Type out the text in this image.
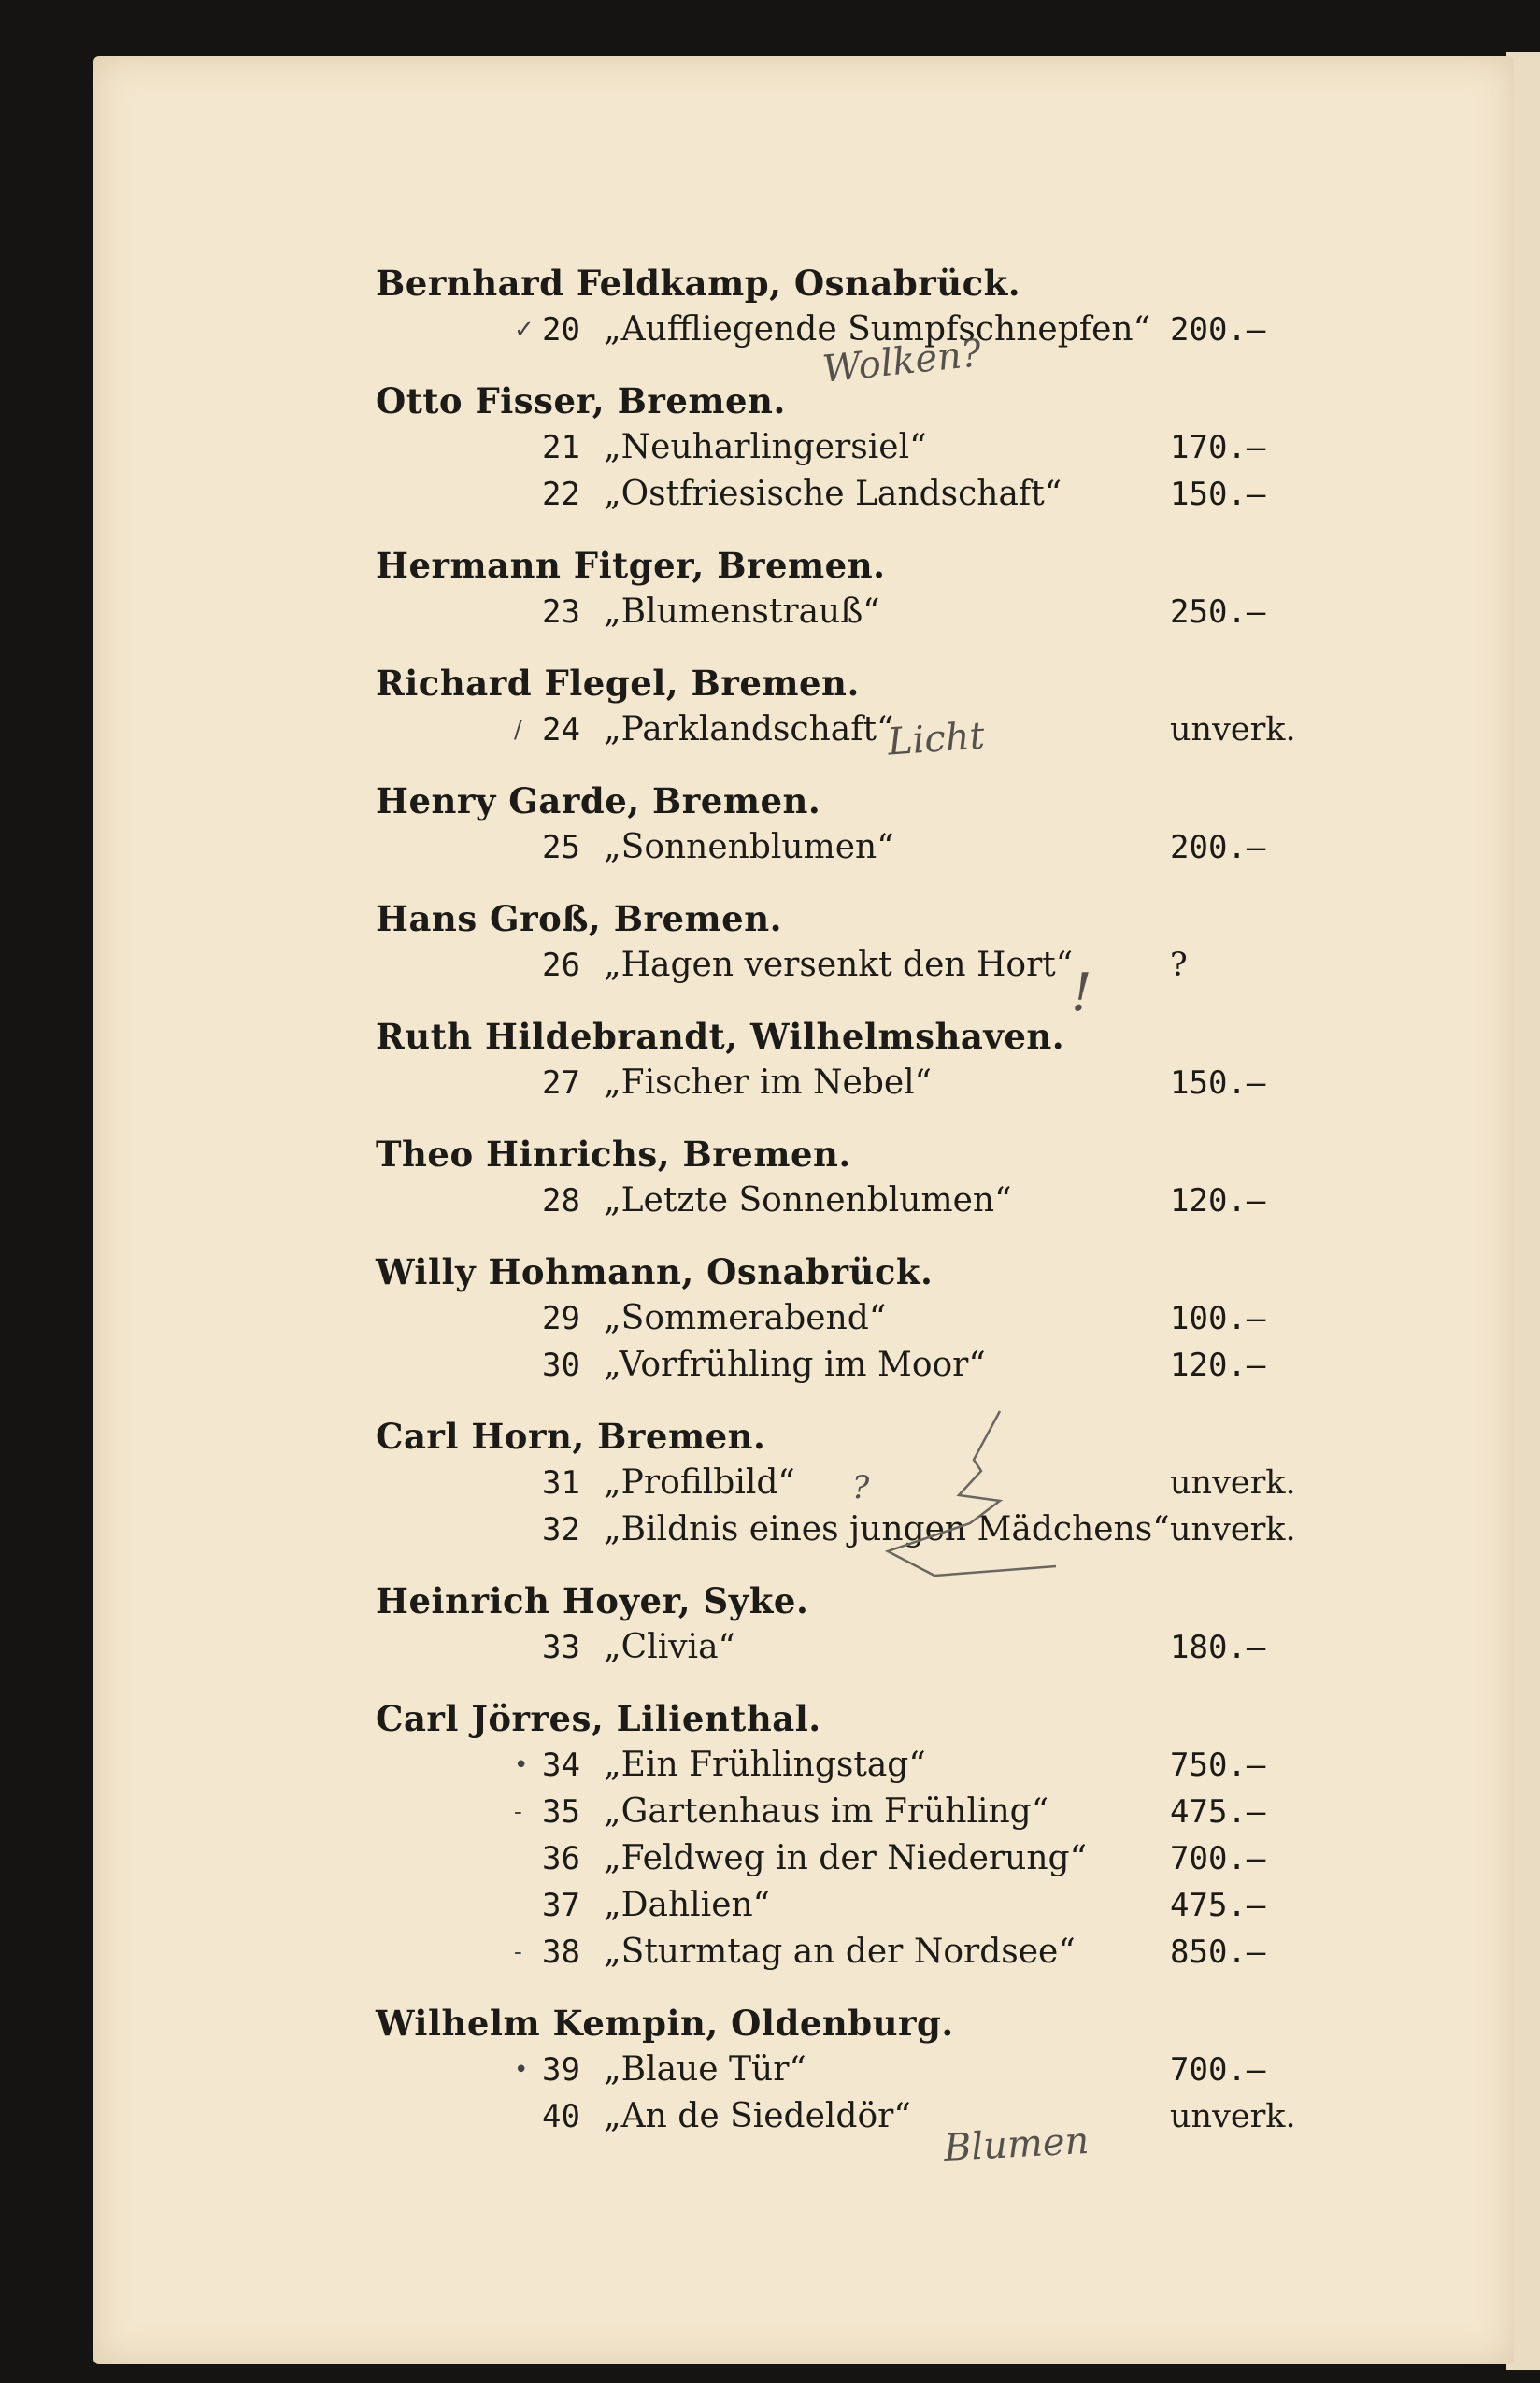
Bernhard Feldkamp, Osnabrück.
✓ 20 „Auffliegende Sumpfschnepfen“ 200.—
Otto Fisser, Bremen.
21 „Neuharlingersiel“	170.—
22 „Ostfriesische Landschaft“	150.—
Hermann Fitger, Bremen.
23 „Blumenstrauß“	250.—
Richard Flegel, Bremen.
/ 24 „Parklandschaft“	unverk.
Henry Garde, Bremen.
25 „Sonnenblumen“	200.—
Hans Groß, Bremen.
26 „Hagen versenkt den Hort“	?
Ruth Hildebrandt, Wilhelmshaven.
27 „Fischer im Nebel“	150.—
Theo Hinrichs, Bremen.
28 „Letzte Sonnenblumen“	120.—
Willy Hohmann, Osnabrück.
29 „Sommerabend“	100.—
30 „Vorfrühling im Moor“	120.—
Carl Horn, Bremen.
31 „Profilbild“	unverk.
32 „Bildnis eines jungen Mädchens“ unverk.
Heinrich Hoyer, Syke.
33 „Clivia“	180.—
Carl Jörres, Lilienthal.
• 34 „Ein Frühlingstag“	750.—
- 35 „Gartenhaus im Frühling“	475.—
36 „Feldweg in der Niederung“	700.—
37 „Dahlien“	475.—
- 38 „Sturmtag an der Nordsee“	850.—
Wilhelm Kempin, Oldenburg.
• 39 „Blaue Tür“	700.—
40 „An de Siedeldör“	unverk.
Wolken?
Licht
!
?
Blumen
